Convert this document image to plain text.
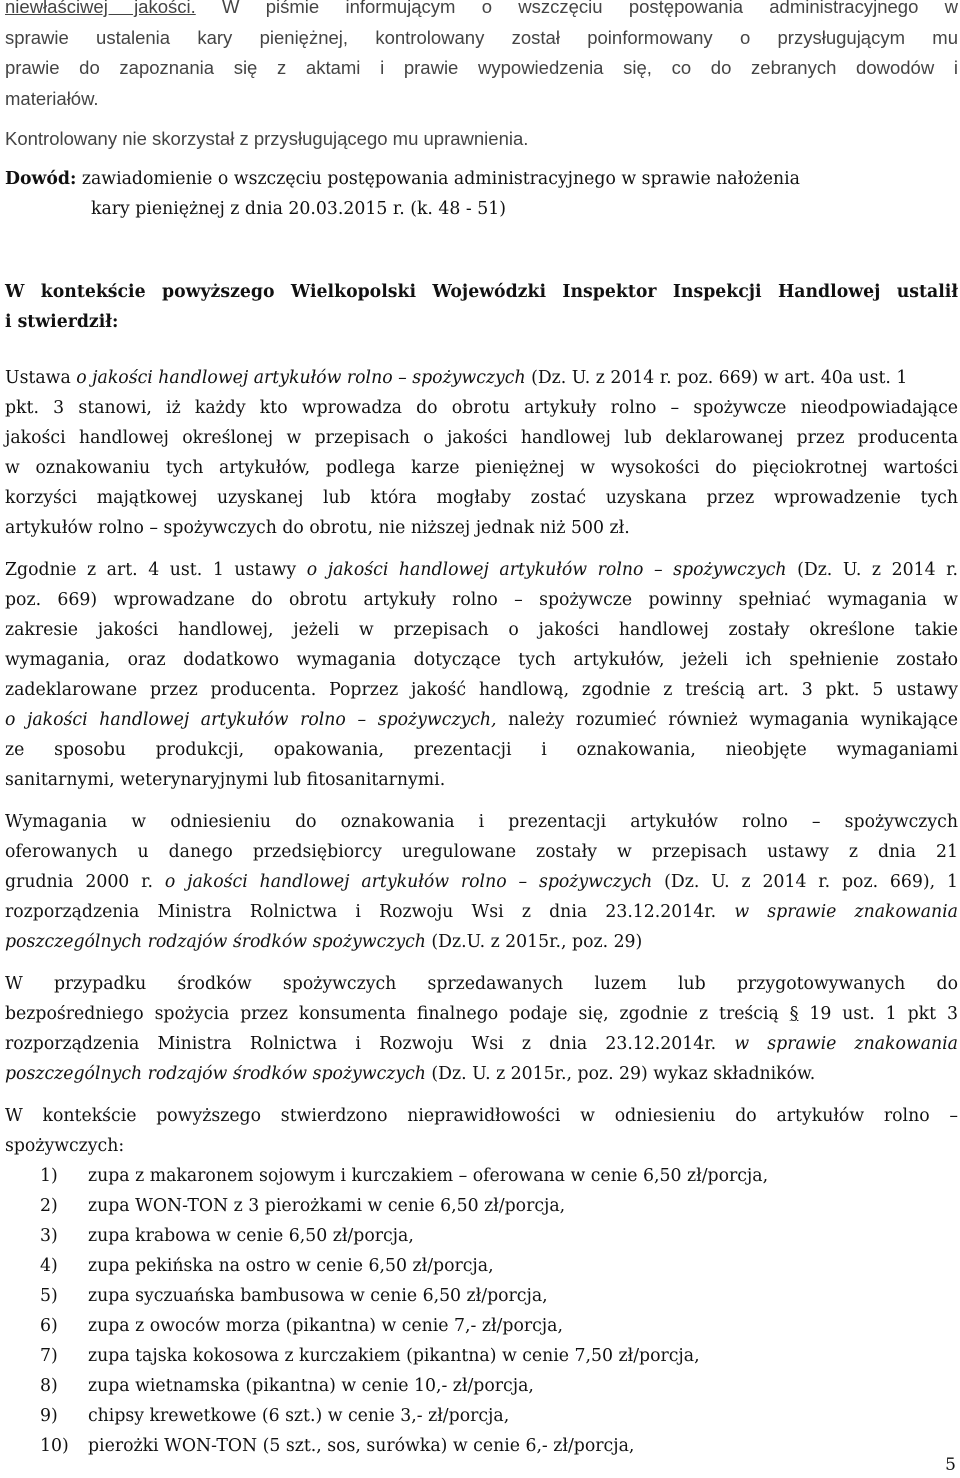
niewłaściwej jakości. W piśmie informującym o wszczęciu postępowania administracyjnego w
sprawie ustalenia kary pieniężnej, kontrolowany został poinformowany o przysługującym mu
prawie do zapoznania się z aktami i prawie wypowiedzenia się, co do zebranych dowodów i
materiałów.
Kontrolowany nie skorzystał z przysługującego mu uprawnienia.
Dowód: zawiadomienie o wszczęciu postępowania administracyjnego w sprawie nałożenia
kary pieniężnej z dnia 20.03.2015 r. (k. 48 - 51)
W kontekście powyższego Wielkopolski Wojewódzki Inspektor Inspekcji Handlowej ustalił
i stwierdził:
Ustawa o jakości handlowej artykułów rolno – spożywczych (Dz. U. z 2014 r. poz. 669) w art. 40a ust. 1
pkt. 3 stanowi, iż każdy kto wprowadza do obrotu artykuły rolno – spożywcze nieodpowiadające
jakości handlowej określonej w przepisach o jakości handlowej lub deklarowanej przez producenta
w oznakowaniu tych artykułów, podlega karze pieniężnej w wysokości do pięciokrotnej wartości
korzyści majątkowej uzyskanej lub która mogłaby zostać uzyskana przez wprowadzenie tych
artykułów rolno – spożywczych do obrotu, nie niższej jednak niż 500 zł.
Zgodnie z art. 4 ust. 1 ustawy o jakości handlowej artykułów rolno – spożywczych (Dz. U. z 2014 r.
poz. 669) wprowadzane do obrotu artykuły rolno – spożywcze powinny spełniać wymagania w
zakresie jakości handlowej, jeżeli w przepisach o jakości handlowej zostały określone takie
wymagania, oraz dodatkowo wymagania dotyczące tych artykułów, jeżeli ich spełnienie zostało
zadeklarowane przez producenta. Poprzez jakość handlową, zgodnie z treścią art. 3 pkt. 5 ustawy
o jakości handlowej artykułów rolno – spożywczych, należy rozumieć również wymagania wynikające
ze sposobu produkcji, opakowania, prezentacji i oznakowania, nieobjęte wymaganiami
sanitarnymi, weterynaryjnymi lub fitosanitarnymi.
Wymagania w odniesieniu do oznakowania i prezentacji artykułów rolno – spożywczych
oferowanych u danego przedsiębiorcy uregulowane zostały w przepisach ustawy z dnia 21
grudnia 2000 r. o jakości handlowej artykułów rolno – spożywczych (Dz. U. z 2014 r. poz. 669), 1
rozporządzenia Ministra Rolnictwa i Rozwoju Wsi z dnia 23.12.2014r. w sprawie znakowania
poszczególnych rodzajów środków spożywczych (Dz.U. z 2015r., poz. 29)
W przypadku środków spożywczych sprzedawanych luzem lub przygotowywanych do
bezpośredniego spożycia przez konsumenta finalnego podaje się, zgodnie z treścią § 19 ust. 1 pkt 3
rozporządzenia Ministra Rolnictwa i Rozwoju Wsi z dnia 23.12.2014r. w sprawie znakowania
poszczególnych rodzajów środków spożywczych (Dz. U. z 2015r., poz. 29) wykaz składników.
W kontekście powyższego stwierdzono nieprawidłowości w odniesieniu do artykułów rolno –
spożywczych:
1) zupa z makaronem sojowym i kurczakiem – oferowana w cenie 6,50 zł/porcja,
2) zupa WON-TON z 3 pierożkami w cenie 6,50 zł/porcja,
3) zupa krabowa w cenie 6,50 zł/porcja,
4) zupa pekińska na ostro w cenie 6,50 zł/porcja,
5) zupa syczuańska bambusowa w cenie 6,50 zł/porcja,
6) zupa z owoców morza (pikantna) w cenie 7,- zł/porcja,
7) zupa tajska kokosowa z kurczakiem (pikantna) w cenie 7,50 zł/porcja,
8) zupa wietnamska (pikantna) w cenie 10,- zł/porcja,
9) chipsy krewetkowe (6 szt.) w cenie 3,- zł/porcja,
10) pierożki WON-TON (5 szt., sos, surówka) w cenie 6,- zł/porcja,
5
